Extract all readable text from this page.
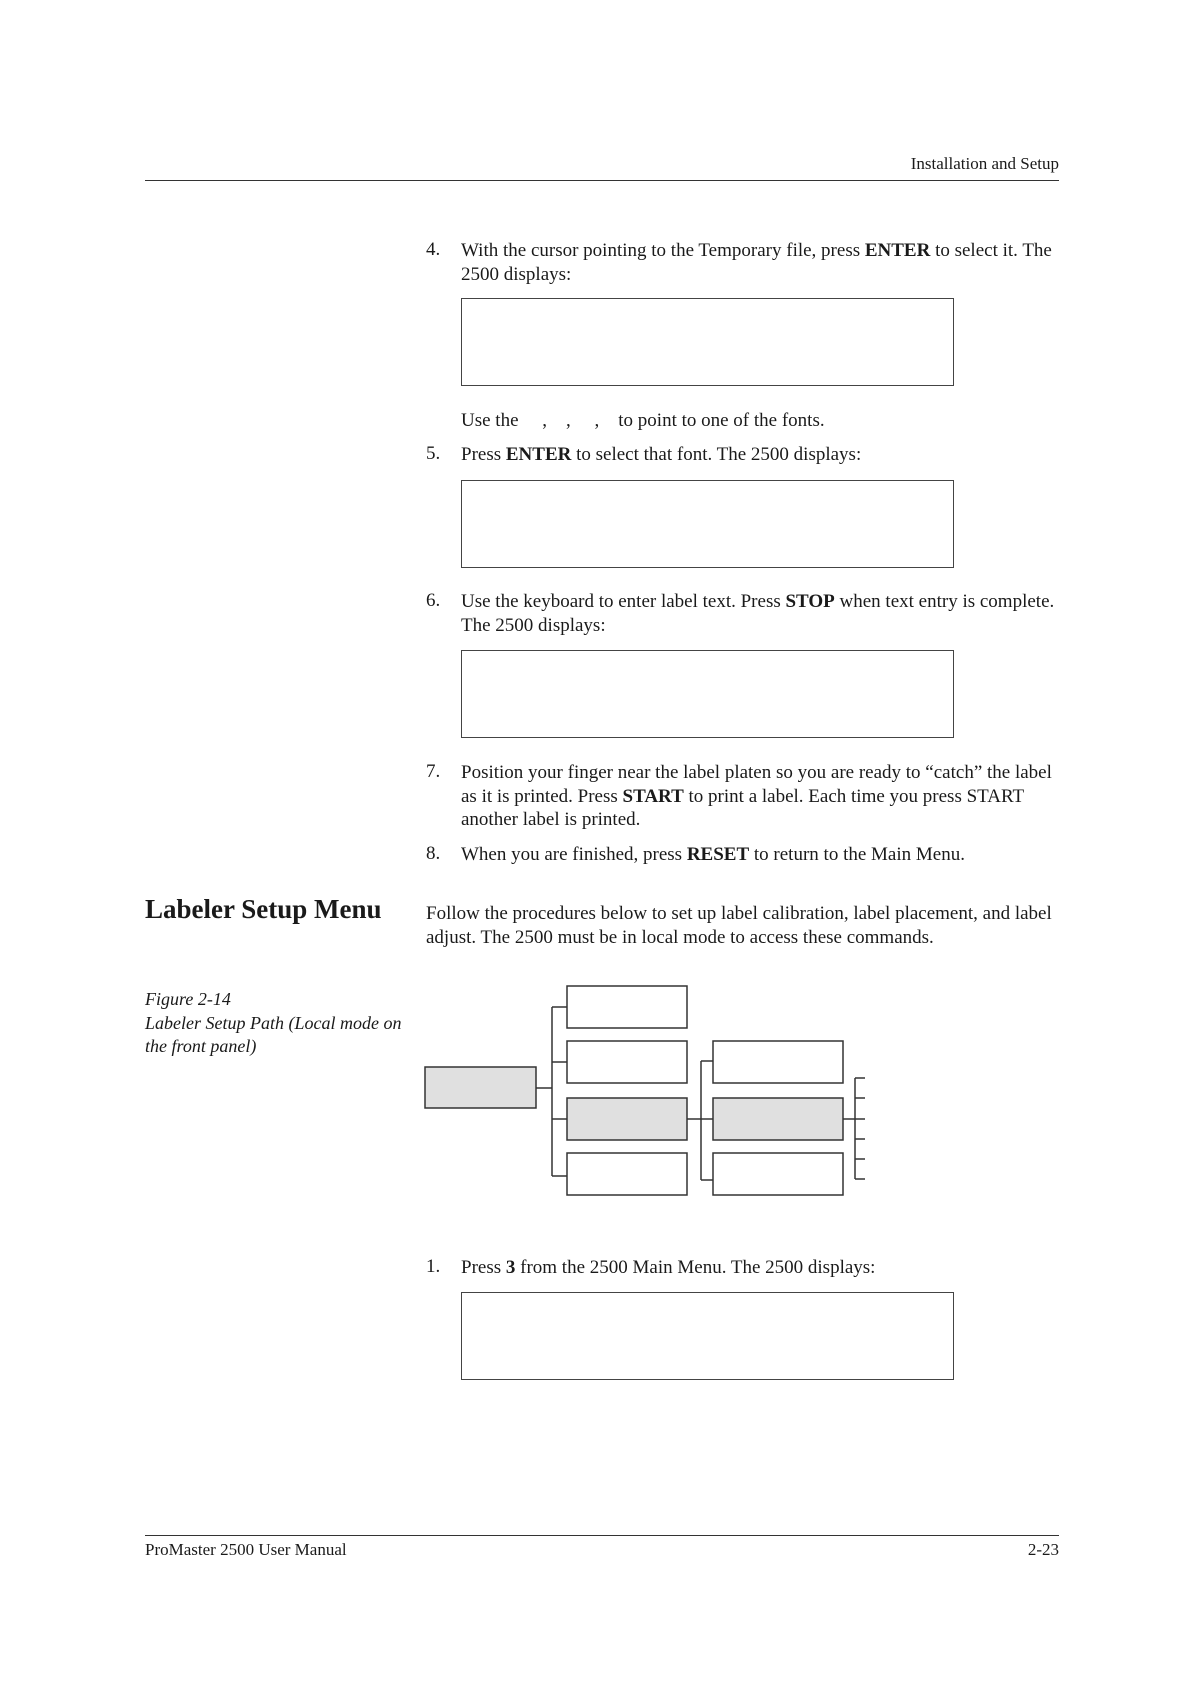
Installation and Setup
4. With the cursor pointing to the Temporary file, press ENTER to select it. The 2500 displays:
Use the     ,    ,     ,    to point to one of the fonts.
5. Press ENTER to select that font. The 2500 displays:
6. Use the keyboard to enter label text. Press STOP when text entry is complete. The 2500 displays:
7. Position your finger near the label platen so you are ready to “catch” the label as it is printed. Press START to print a label. Each time you press START another label is printed.
8. When you are finished, press RESET to return to the Main Menu.
Labeler Setup Menu Follow the procedures below to set up label calibration, label placement, and label adjust. The 2500 must be in local mode to access these commands.
Figure 2-14
Labeler Setup Path (Local mode on the front panel)
1. Press 3 from the 2500 Main Menu. The 2500 displays:
ProMaster 2500 User Manual	2-23
